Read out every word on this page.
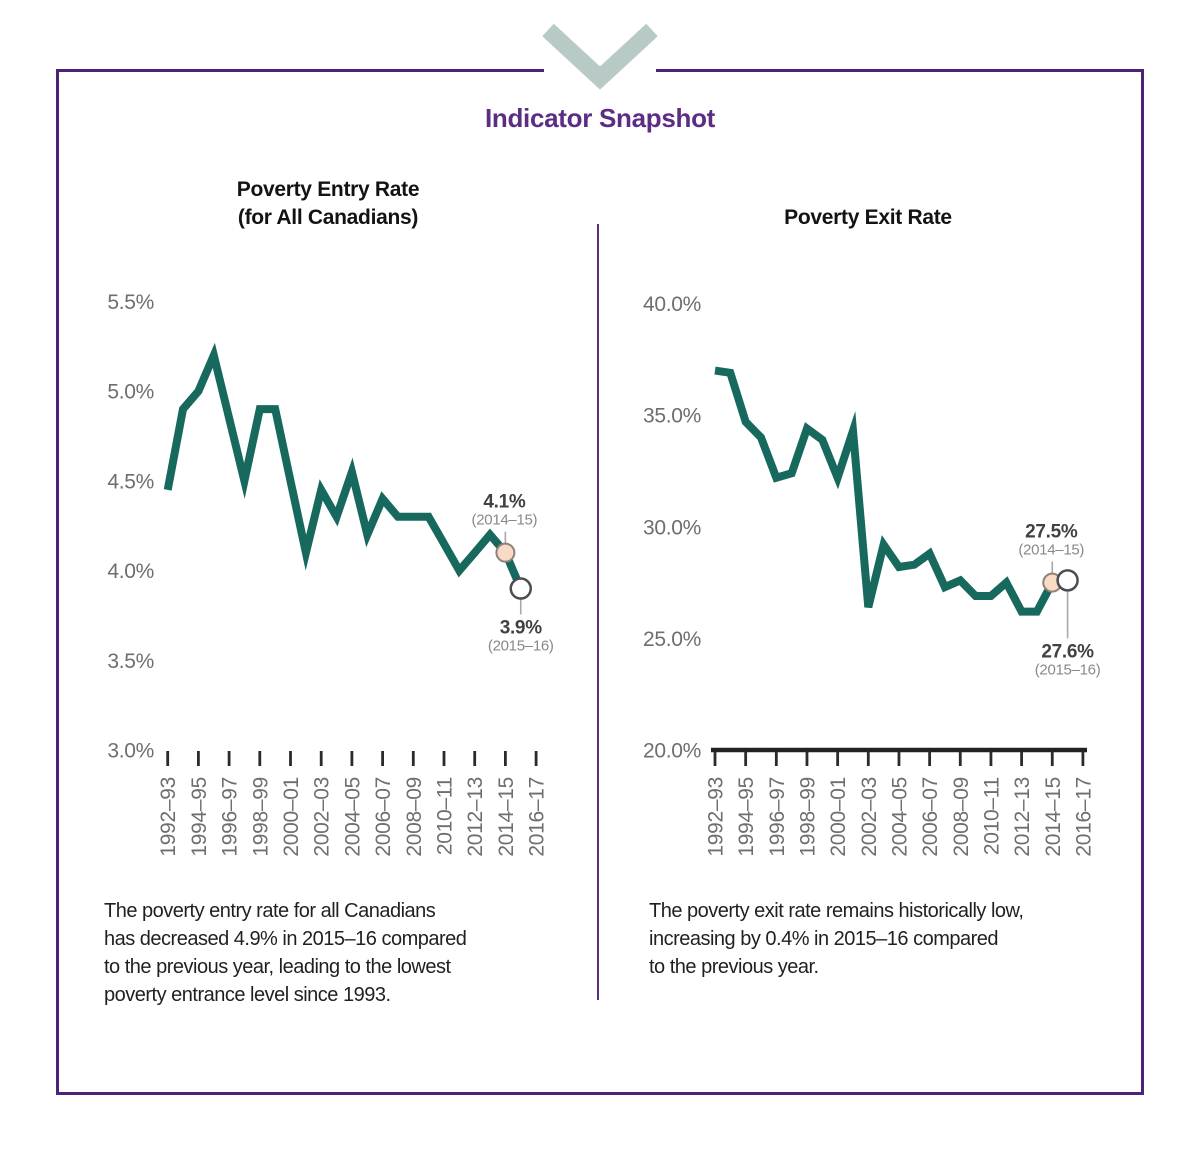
Indicator Snapshot
Poverty Entry Rate
(for All Canadians)	Poverty Exit Rate
5.5%
5.0%
4.5%
4.0%
3.5%
3.0%
1992–93 1994–95 1996–97 1998–99 2000–01 2002–03 2004–05 2006–07 2008–09 2010–11 2012–13 2014–15 2016–17
4.1%
(2014–15)
3.9%
(2015–16)
40.0%
35.0%
30.0%
25.0%
20.0%
1992–93 1994–95 1996–97 1998–99 2000–01 2002–03 2004–05 2006–07 2008–09 2010–11 2012–13 2014–15 2016–17
27.5%
(2014–15)
27.6%
(2015–16)
The poverty entry rate for all Canadians
has decreased 4.9% in 2015–16 compared
to the previous year, leading to the lowest
poverty entrance level since 1993.
The poverty exit rate remains historically low,
increasing by 0.4% in 2015–16 compared
to the previous year.
